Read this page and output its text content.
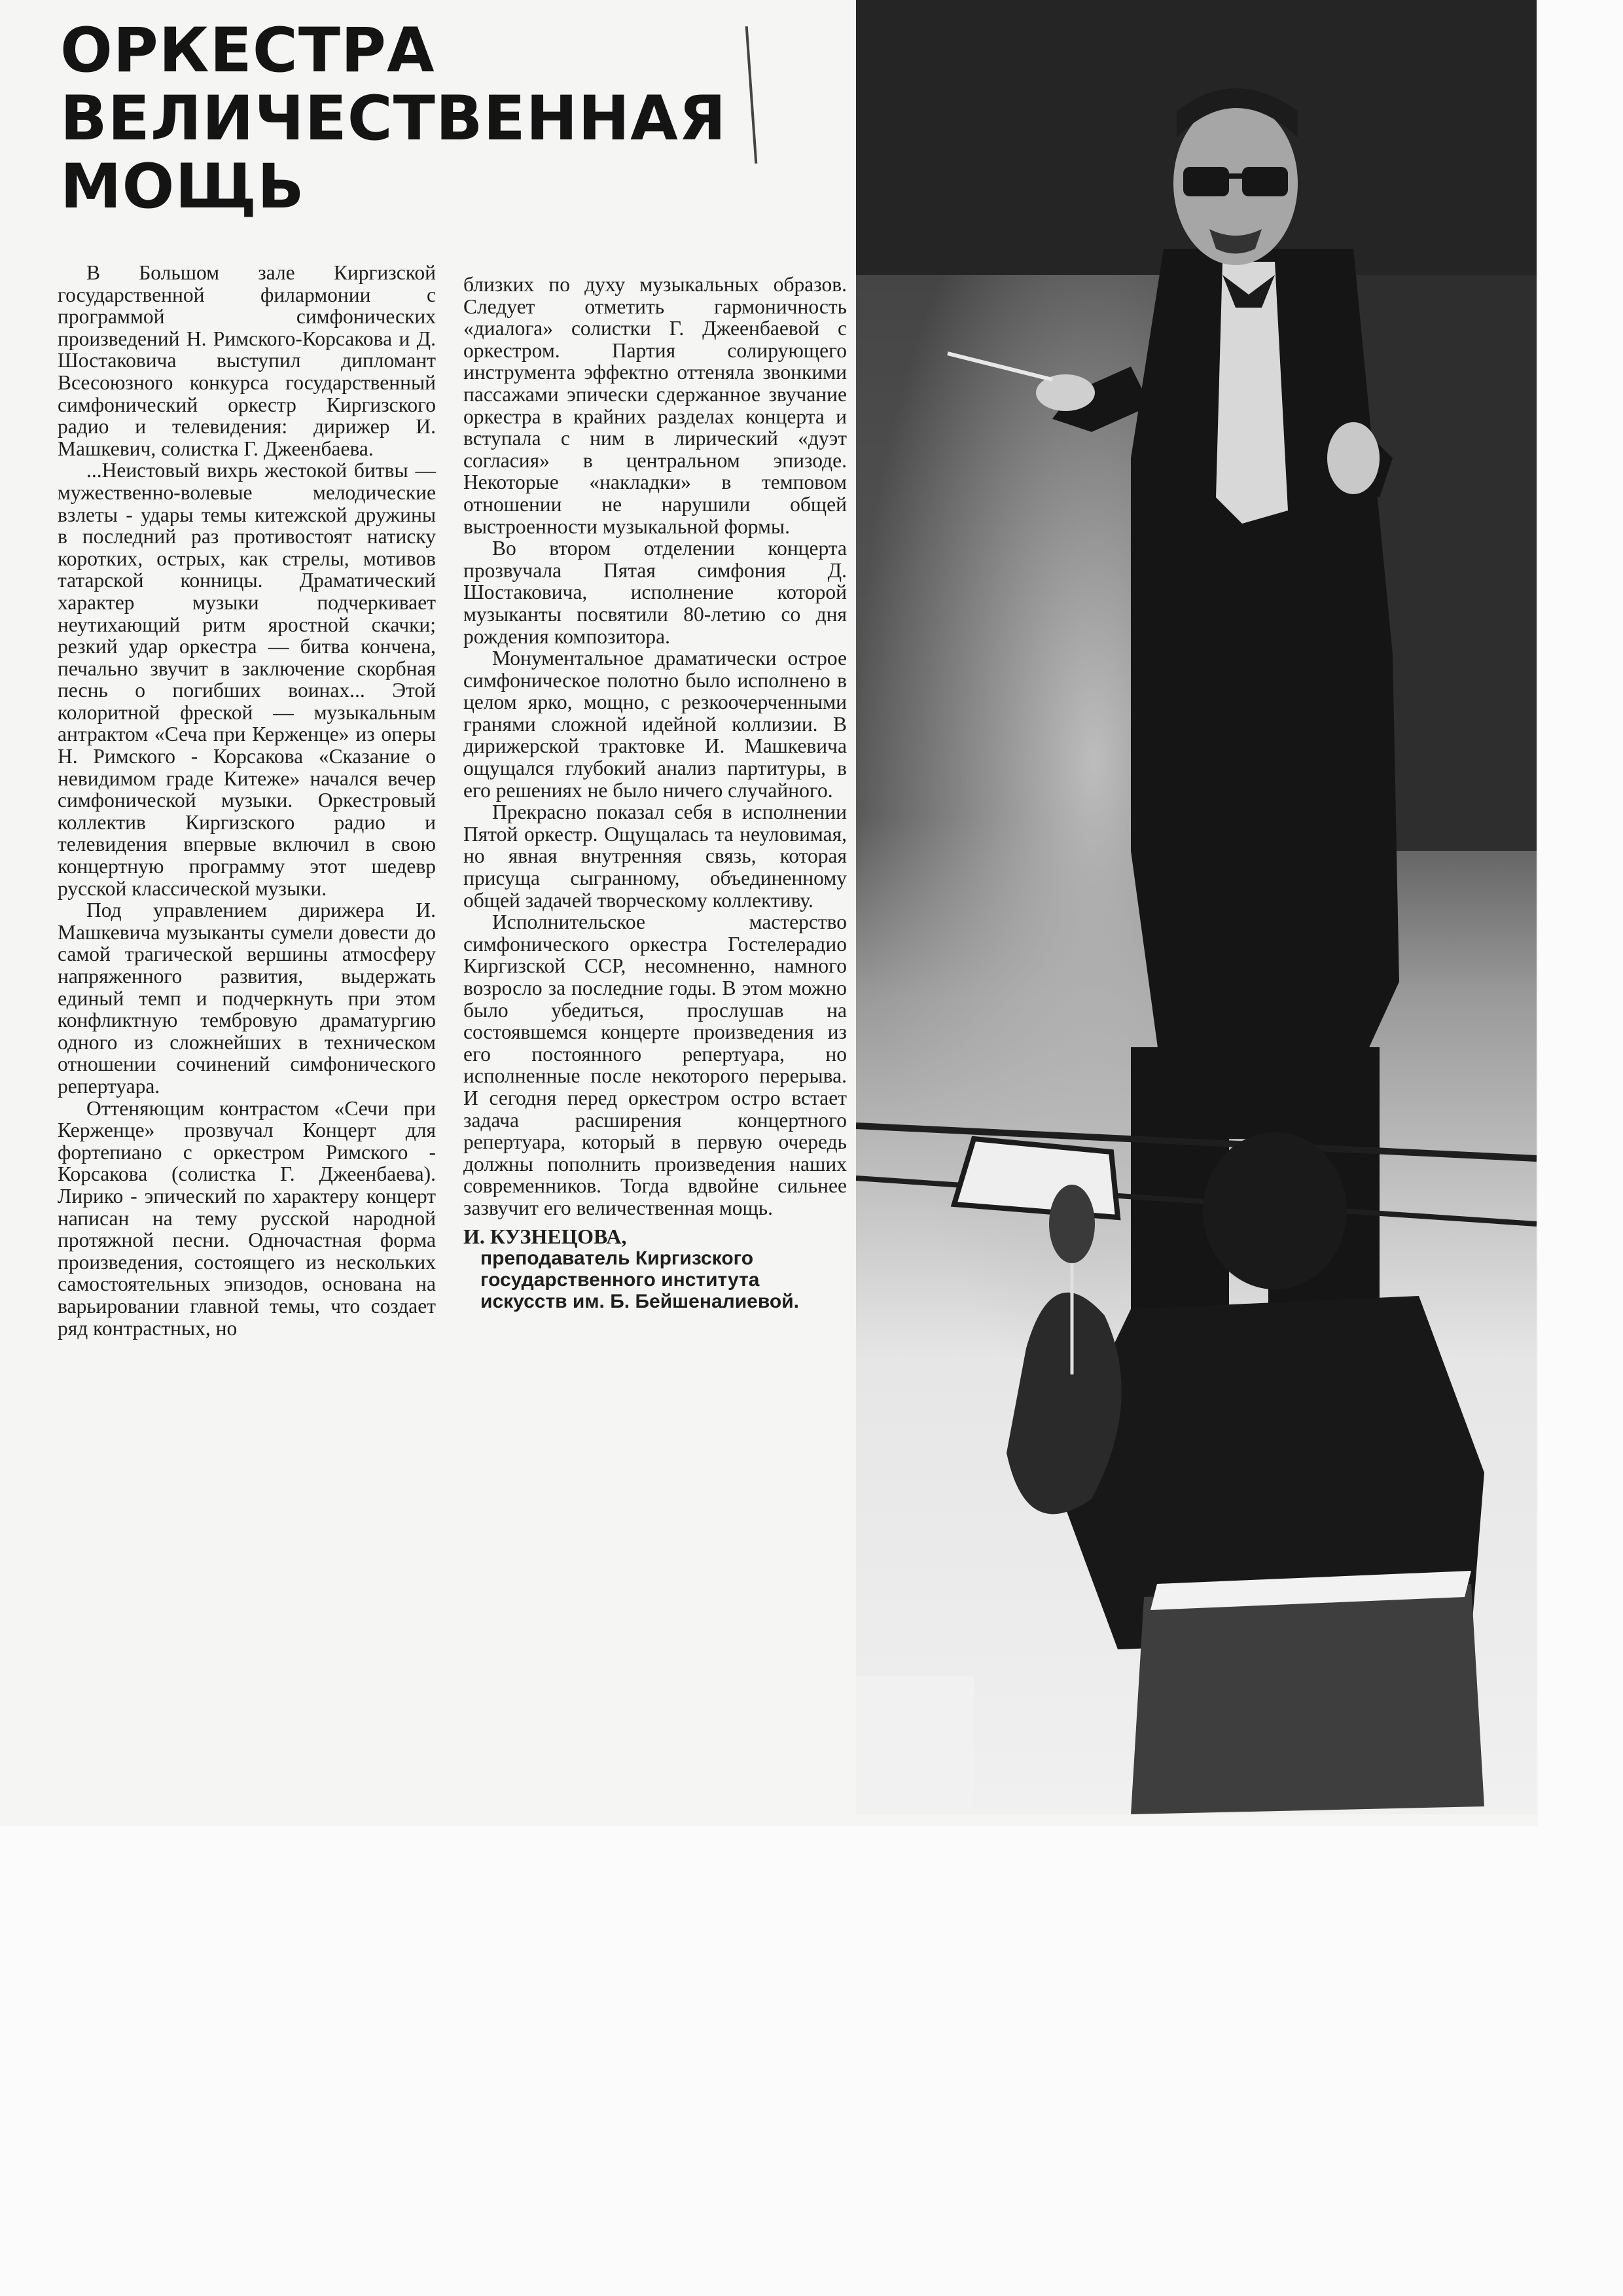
ОРКЕСТРА
ВЕЛИЧЕСТВЕННАЯ
МОЩЬ

В Большом зале Киргизской государственной филармонии с программой симфонических произведений Н. Римского-Корсакова и Д. Шостаковича выступил дипломант Всесоюзного конкурса государственный симфонический оркестр Киргизского радио и телевидения: дирижер И. Машкевич, солистка Г. Джеенбаева.

...Неистовый вихрь жестокой битвы — мужественно-волевые мелодические взлеты - удары темы китежской дружины в последний раз противостоят натиску коротких, острых, как стрелы, мотивов татарской конницы. Драматический характер музыки подчеркивает неутихающий ритм яростной скачки; резкий удар оркестра — битва кончена, печально звучит в заключение скорбная песнь о погибших воинах... Этой колоритной фреской — музыкальным антрактом «Сеча при Керженце» из оперы Н. Римского - Корсакова «Сказание о невидимом граде Китеже» начался вечер симфонической музыки. Оркестровый коллектив Киргизского радио и телевидения впервые включил в свою концертную программу этот шедевр русской классической музыки.

Под управлением дирижера И. Машкевича музыканты сумели довести до самой трагической вершины атмосферу напряженного развития, выдержать единый темп и подчеркнуть при этом конфликтную тембровую драматургию одного из сложнейших в техническом отношении сочинений симфонического репертуара.

Оттеняющим контрастом «Сечи при Керженце» прозвучал Концерт для фортепиано с оркестром Римского - Корсакова (солистка Г. Джеенбаева). Лирико - эпический по характеру концерт написан на тему русской народной протяжной песни. Одночастная форма произведения, состоящего из нескольких самостоятельных эпизодов, основана на варьировании главной темы, что создает ряд контрастных, но

близких по духу музыкальных образов. Следует отметить гармоничность «диалога» солистки Г. Джеенбаевой с оркестром. Партия солирующего инструмента эффектно оттеняла звонкими пассажами эпически сдержанное звучание оркестра в крайних разделах концерта и вступала с ним в лирический «дуэт согласия» в центральном эпизоде. Некоторые «накладки» в темповом отношении не нарушили общей выстроенности музыкальной формы.

Во втором отделении концерта прозвучала Пятая симфония Д. Шостаковича, исполнение которой музыканты посвятили 80-летию со дня рождения композитора.

Монументальное драматически острое симфоническое полотно было исполнено в целом ярко, мощно, с резкоочерченными гранями сложной идейной коллизии. В дирижерской трактовке И. Машкевича ощущался глубокий анализ партитуры, в его решениях не было ничего случайного.

Прекрасно показал себя в исполнении Пятой оркестр. Ощущалась та неуловимая, но явная внутренняя связь, которая присуща сыгранному, объединенному общей задачей творческому коллективу.

Исполнительское мастерство симфонического оркестра Гостелерадио Киргизской ССР, несомненно, намного возросло за последние годы. В этом можно было убедиться, прослушав на состоявшемся концерте произведения из его постоянного репертуара, но исполненные после некоторого перерыва. И сегодня перед оркестром остро встает задача расширения концертного репертуара, который в первую очередь должны пополнить произведения наших современников. Тогда вдвойне сильнее зазвучит его величественная мощь.

И. КУЗНЕЦОВА,
преподаватель Киргизского государственного института искусств им. Б. Бейшеналиевой.
